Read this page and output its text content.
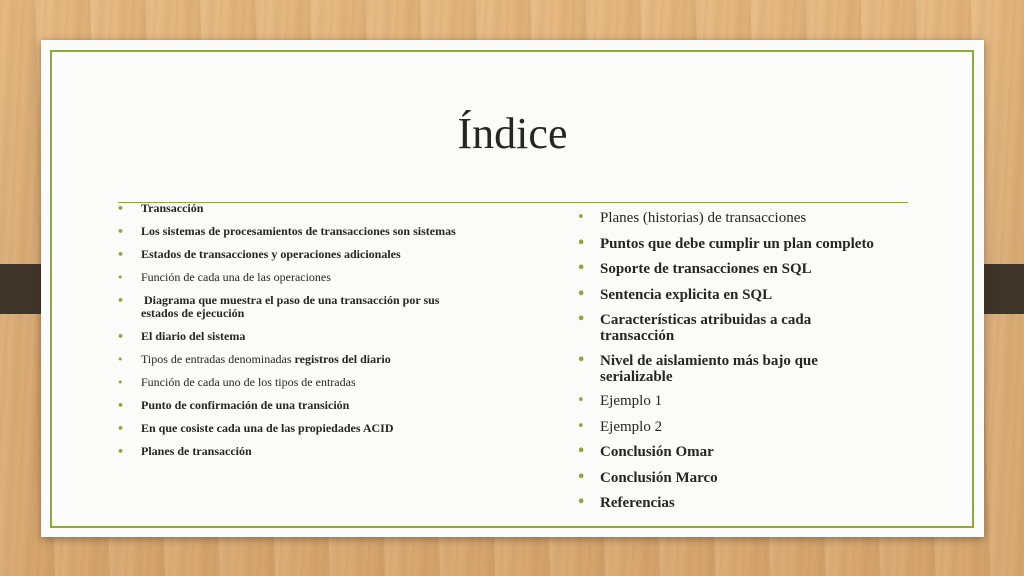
Índice
• Transacción
• Los sistemas de procesamientos de transacciones son sistemas
• Estados de transacciones y operaciones adicionales
• Función de cada una de las operaciones
• Diagrama que muestra el paso de una transacción por sus estados de ejecución
• El diario del sistema
• Tipos de entradas denominadas registros del diario
• Función de cada uno de los tipos de entradas
• Punto de confirmación de una transición
• En que cosiste cada una de las propiedades ACID
• Planes de transacción
• Planes (historias) de transacciones
• Puntos que debe cumplir un plan completo
• Soporte de transacciones en SQL
• Sentencia explicita en SQL
• Características atribuidas a cada transacción
• Nivel de aislamiento más bajo que serializable
• Ejemplo 1
• Ejemplo 2
• Conclusión Omar
• Conclusión Marco
• Referencias
